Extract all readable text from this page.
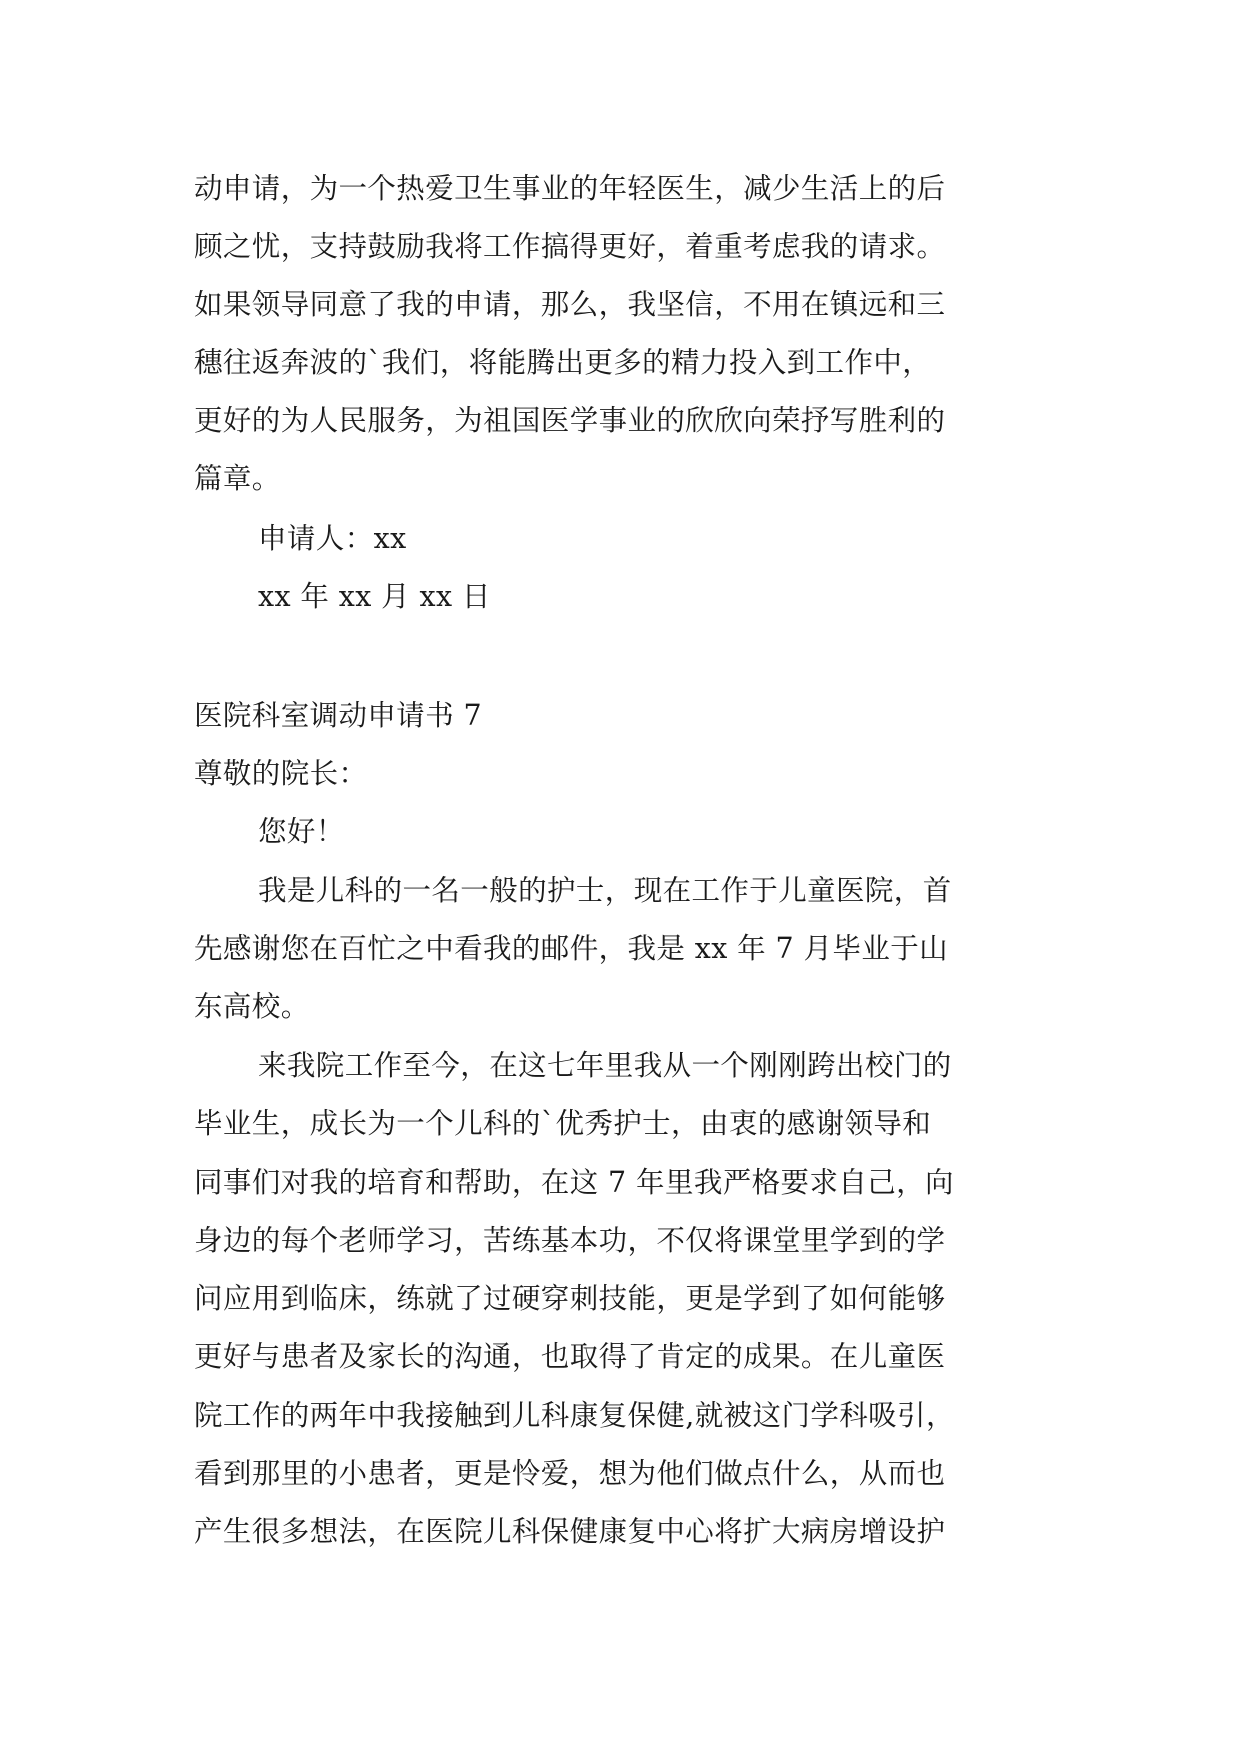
动申请，为一个热爱卫生事业的年轻医生，减少生活上的后

顾之忧，支持鼓励我将工作搞得更好，着重考虑我的请求。

如果领导同意了我的申请，那么，我坚信，不用在镇远和三

穗往返奔波的`我们，将能腾出更多的精力投入到工作中，

更好的为人民服务，为祖国医学事业的欣欣向荣抒写胜利的

篇章。

申请人：xx

xx 年 xx 月 xx 日

医院科室调动申请书 7

尊敬的院长：

您好！

我是儿科的一名一般的护士，现在工作于儿童医院，首

先感谢您在百忙之中看我的邮件，我是 xx 年 7 月毕业于山

东高校。

来我院工作至今，在这七年里我从一个刚刚跨出校门的

毕业生，成长为一个儿科的`优秀护士，由衷的感谢领导和

同事们对我的培育和帮助，在这 7 年里我严格要求自己，向

身边的每个老师学习，苦练基本功，不仅将课堂里学到的学

问应用到临床，练就了过硬穿刺技能，更是学到了如何能够

更好与患者及家长的沟通，也取得了肯定的成果。在儿童医

院工作的两年中我接触到儿科康复保健,就被这门学科吸引，

看到那里的小患者，更是怜爱，想为他们做点什么，从而也

产生很多想法，在医院儿科保健康复中心将扩大病房增设护
